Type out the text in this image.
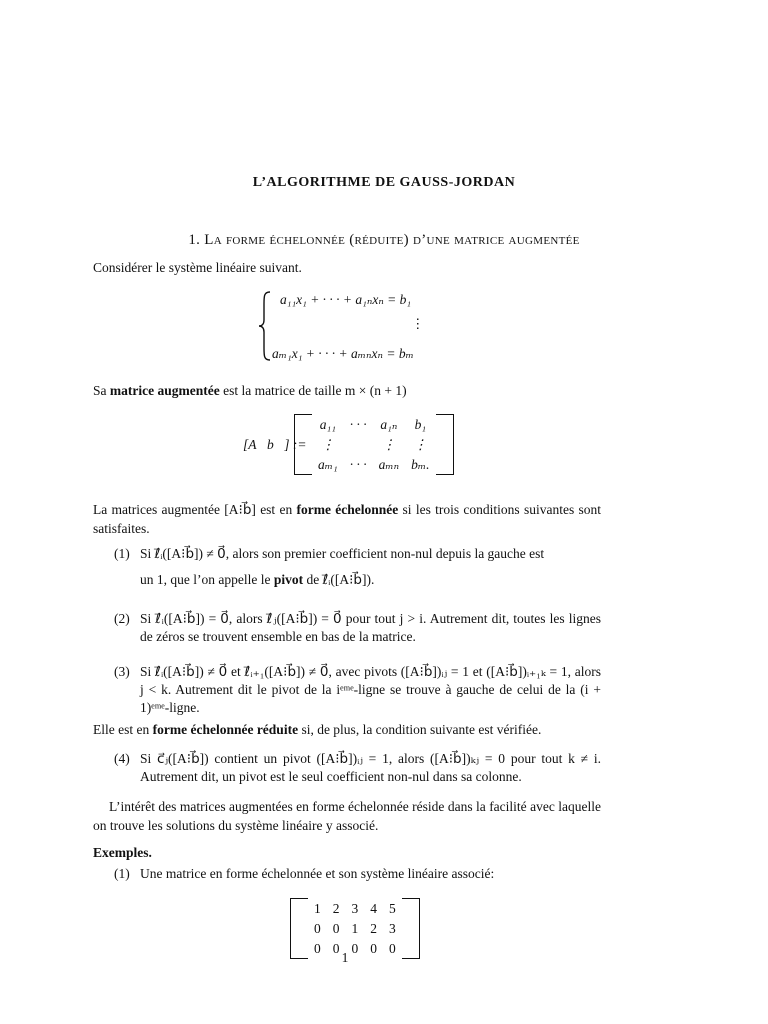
L’ALGORITHME DE GAUSS-JORDAN
1. La forme échelonnée (réduite) d’une matrice augmentée
Considérer le système linéaire suivant.
a₁₁x₁ + · · · + a₁ₙxₙ = b₁
⋮
aₘ₁x₁ + · · · + aₘₙxₙ = bₘ
Sa matrice augmentée est la matrice de taille m × (n + 1)
[A⁝b⃗] :=
	a₁₁	· · ·	a₁ₙ	b₁	
	⋮		⋮	⋮	
	aₘ₁	· · ·	aₘₙ	bₘ.	
La matrices augmentée [A⁝b⃗] est en forme échelonnée si les trois conditions suivantes sont satisfaites.
(1) Si ℓ⃗ᵢ([A⁝b⃗]) ≠ 0⃗, alors son premier coefficient non-nul depuis la gauche est
un 1, que l’on appelle le pivot de ℓ⃗ᵢ([A⁝b⃗]).
(2) Si ℓ⃗ᵢ([A⁝b⃗]) = 0⃗, alors ℓ⃗ⱼ([A⁝b⃗]) = 0⃗ pour tout j > i. Autrement dit, toutes les lignes de zéros se trouvent ensemble en bas de la matrice.
(3) Si ℓ⃗ᵢ([A⁝b⃗]) ≠ 0⃗ et ℓ⃗ᵢ₊₁([A⁝b⃗]) ≠ 0⃗, avec pivots ([A⁝b⃗])ᵢⱼ = 1 et ([A⁝b⃗])ᵢ₊₁ₖ = 1, alors j < k. Autrement dit le pivot de la iᵉᵐᵉ-ligne se trouve à gauche de celui de la (i + 1)ᵉᵐᵉ-ligne.
Elle est en forme échelonnée réduite si, de plus, la condition suivante est vérifiée.
(4) Si c⃗ⱼ([A⁝b⃗]) contient un pivot ([A⁝b⃗])ᵢⱼ = 1, alors ([A⁝b⃗])ₖⱼ = 0 pour tout k ≠ i. Autrement dit, un pivot est le seul coefficient non-nul dans sa colonne.
L’intérêt des matrices augmentées en forme échelonnée réside dans la facilité avec laquelle on trouve les solutions du système linéaire y associé.
Exemples.
(1) Une matrice en forme échelonnée et son système linéaire associé:
	1	2	3	4	5	
	0	0	1	2	3	
	0	0	0	0	0	
1
